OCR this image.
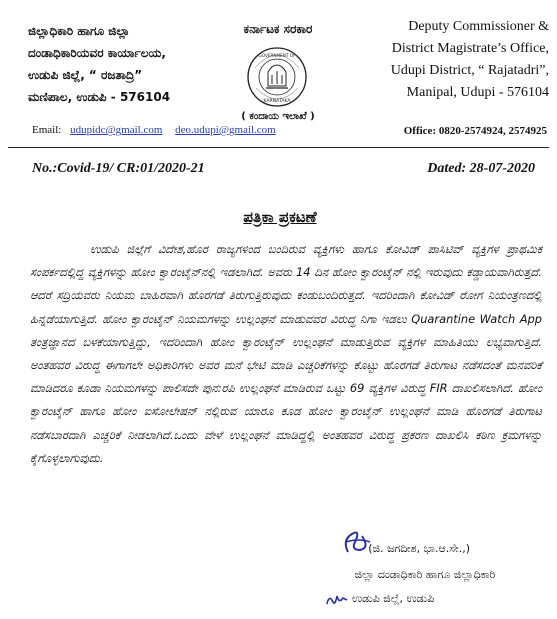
ಜಿಲ್ಲಾಧಿಕಾರಿ ಹಾಗೂ ಜಿಲ್ಲಾ
ದಂಡಾಧಿಕಾರಿಯವರ ಕಾರ್ಯಾಲಯ,
ಉಡುಪಿ ಜಿಲ್ಲೆ, “ ರಜತಾದ್ರಿ”
ಮಣಿಪಾಲ, ಉಡುಪಿ - 576104
ಕರ್ನಾಟಕ ಸರಕಾರ
GOVERNMENT OF
KARNATAKA
( ಕಂದಾಯ ಇಲಾಖೆ )
Deputy Commissioner &
District Magistrate’s Office,
Udupi District, “ Rajatadri”,
Manipal, Udupi - 576104
Email: udupidc@gmail.com deo.udupi@gmail.com	Office: 0820-2574924, 2574925
No.:Covid-19/ CR:01/2020-21	Dated: 28-07-2020
ಪತ್ರಿಕಾ ಪ್ರಕಟಣೆ
ಉಡುಪಿ ಜಿಲ್ಲೆಗೆ ವಿದೇಶ,ಹೊರ ರಾಜ್ಯಗಳಿಂದ ಬಂದಿರುವ ವ್ಯಕ್ತಿಗಳು ಹಾಗೂ ಕೋವಿಡ್ ಪಾಸಿಟಿವ್ ವ್ಯಕ್ತಿಗಳ ಪ್ರಾಥಮಿಕ ಸಂಪರ್ಕದಲ್ಲಿದ್ದ ವ್ಯಕ್ತಿಗಳನ್ನು ಹೋಂ ಕ್ವಾರಂಟೈನ್‌ನಲ್ಲಿ ಇಡಲಾಗಿದೆ. ಅವರು 14 ದಿನ ಹೋಂ ಕ್ವಾರಂಟೈನ್ ನಲ್ಲಿ ಇರುವುದು ಕಡ್ಡಾಯವಾಗಿರುತ್ತದೆ. ಆದರೆ ಸದ್ರಿಯವರು ನಿಯಮ ಬಾಹಿರವಾಗಿ ಹೊರಗಡೆ ತಿರುಗುತ್ತಿರುವುದು ಕಂಡುಬಂದಿರುತ್ತದೆ. ಇದರಿಂದಾಗಿ ಕೋವಿಡ್ ರೋಗ ನಿಯಂತ್ರಣದಲ್ಲಿ ಹಿನ್ನಡೆಯಾಗುತ್ತಿದೆ. ಹೋಂ ಕ್ವಾರಂಟೈನ್ ನಿಯಮಗಳನ್ನು ಉಲ್ಲಂಘನೆ ಮಾಡುವವರ ವಿರುದ್ಧ ನಿಗಾ ಇಡಲು Quarantine Watch App ತಂತ್ರಜ್ಞಾನದ ಬಳಕೆಯಾಗುತ್ತಿದ್ದು, ಇದರಿಂದಾಗಿ ಹೋಂ ಕ್ವಾರಂಟೈನ್ ಉಲ್ಲಂಘನೆ ಮಾಡುತ್ತಿರುವ ವ್ಯಕ್ತಿಗಳ ಮಾಹಿತಿಯು ಲಭ್ಯವಾಗುತ್ತಿದೆ. ಅಂತಹವರ ವಿರುದ್ಧ ಈಗಾಗಲೇ ಅಧಿಕಾರಿಗಳು ಅವರ ಮನೆ ಭೇಟಿ ಮಾಡಿ ಎಚ್ಚರಿಕೆಗಳನ್ನು ಕೊಟ್ಟು ಹೊರಗಡೆ ತಿರುಗಾಟ ನಡೆಸದಂತೆ ಮನವರಿಕೆ ಮಾಡಿದರೂ ಕೂಡಾ ನಿಯಮಗಳನ್ನು ಪಾಲಿಸದೇ ಪುನ:ರಪಿ ಉಲ್ಲಂಘನೆ ಮಾಡಿರುವ ಒಟ್ಟು 69 ವ್ಯಕ್ತಿಗಳ ವಿರುದ್ಧ FIR ದಾಖಲಿಸಲಾಗಿದೆ. ಹೋಂ ಕ್ವಾರಂಟೈನ್ ಹಾಗೂ ಹೋಂ ಐಸೋಲೇಷನ್ ನಲ್ಲಿರುವ ಯಾರೂ ಕೂಡ ಹೋಂ ಕ್ವಾರಂಟೈನ್ ಉಲ್ಲಂಘನೆ ಮಾಡಿ ಹೊರಗಡೆ ತಿರುಗಾಟ ನಡೆಸಬಾರದಾಗಿ ಎಚ್ಚರಿಕೆ ನೀಡಲಾಗಿದೆ.ಒಂದು ವೇಳೆ ಉಲ್ಲಂಘನೆ ಮಾಡಿದ್ದಲ್ಲಿ ಅಂತಹವರ ವಿರುದ್ಧ ಪ್ರಕರಣ ದಾಖಲಿಸಿ ಕಠಿಣ ಕ್ರಮಗಳನ್ನು ಕೈಗೊಳ್ಳಲಾಗುವುದು.
(ಜಿ. ಜಗದೀಶ, ಭಾ.ಆ.ಸೇ.,)
ಜಿಲ್ಲಾ ದಂಡಾಧಿಕಾರಿ ಹಾಗೂ ಜಿಲ್ಲಾಧಿಕಾರಿ
ಉಡುಪಿ ಜಿಲ್ಲೆ, ಉಡುಪಿ
